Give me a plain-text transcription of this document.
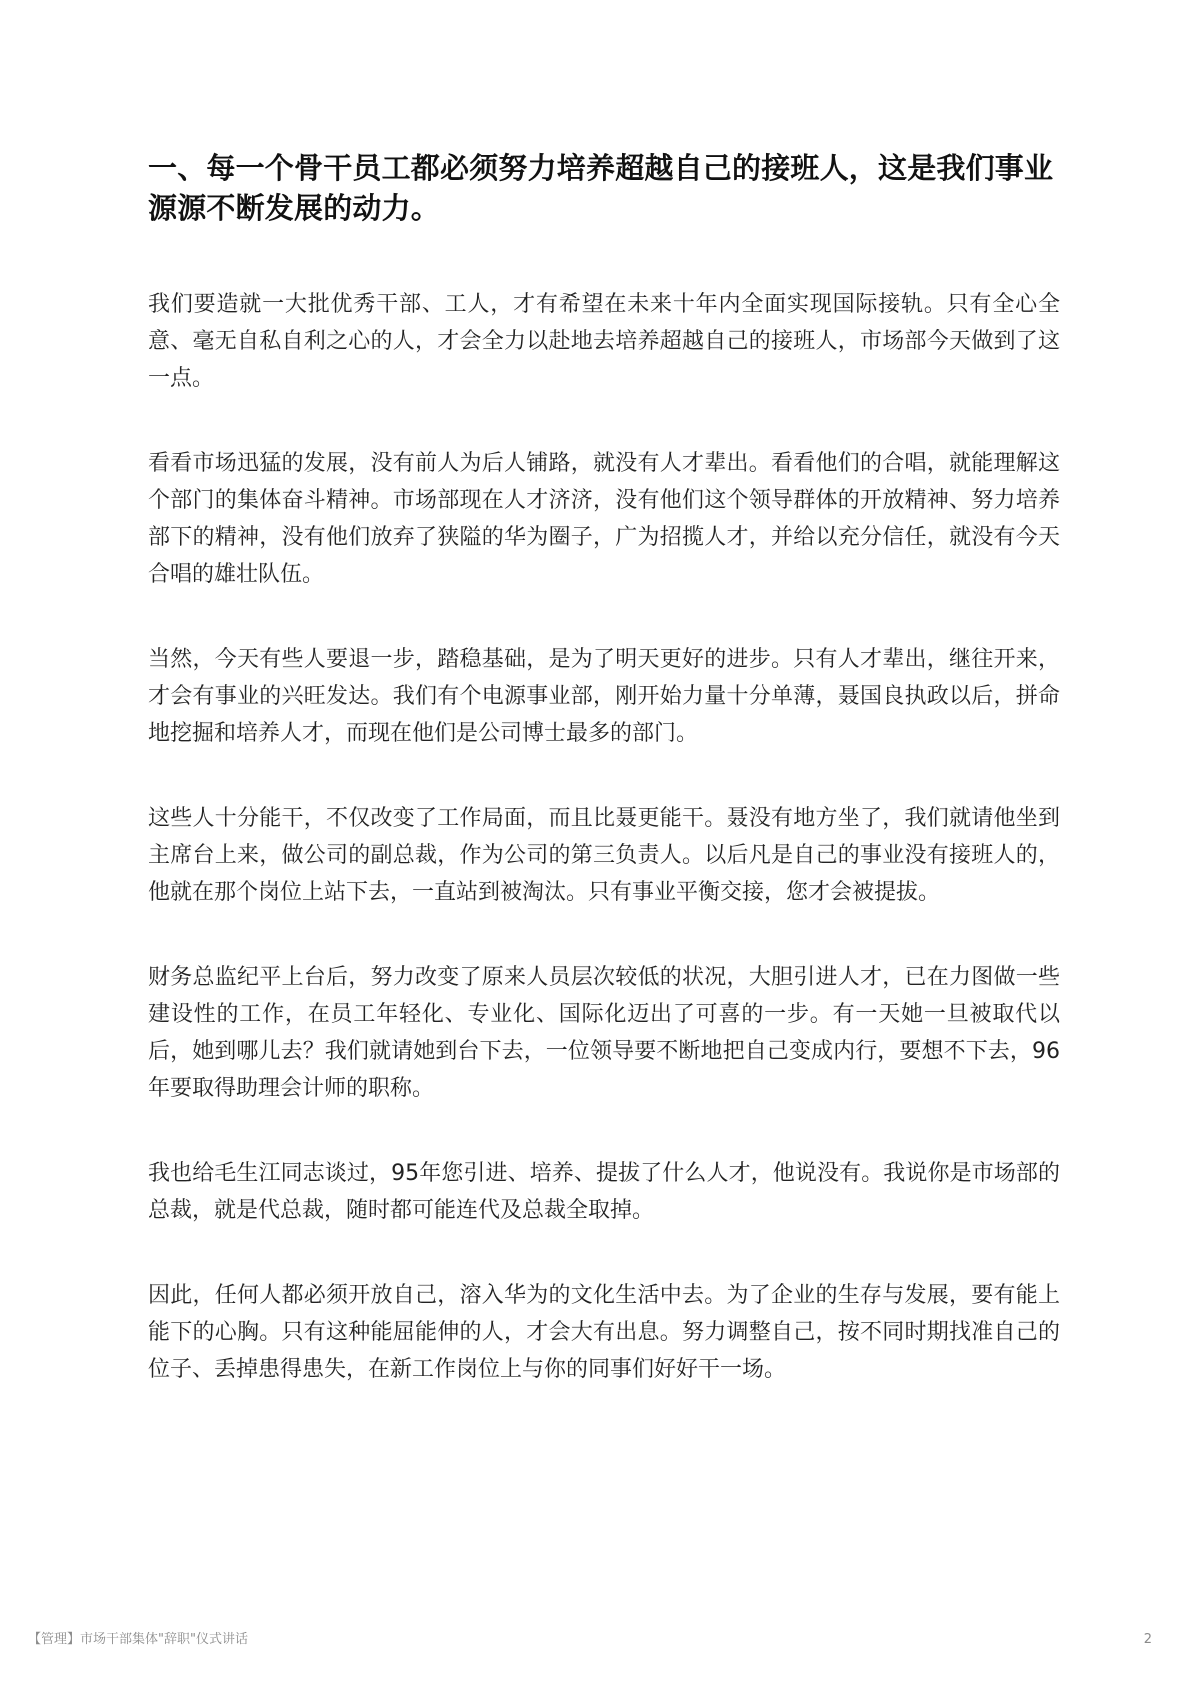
一、每一个骨干员工都必须努力培养超越自己的接班人，这是我们事业源源不断发展的动力。

我们要造就一大批优秀干部、工人，才有希望在未来十年内全面实现国际接轨。只有全心全意、毫无自私自利之心的人，才会全力以赴地去培养超越自己的接班人，市场部今天做到了这一点。

看看市场迅猛的发展，没有前人为后人铺路，就没有人才辈出。看看他们的合唱，就能理解这个部门的集体奋斗精神。市场部现在人才济济，没有他们这个领导群体的开放精神、努力培养部下的精神，没有他们放弃了狭隘的华为圈子，广为招揽人才，并给以充分信任，就没有今天合唱的雄壮队伍。

当然，今天有些人要退一步，踏稳基础，是为了明天更好的进步。只有人才辈出，继往开来，才会有事业的兴旺发达。我们有个电源事业部，刚开始力量十分单薄，聂国良执政以后，拼命地挖掘和培养人才，而现在他们是公司博士最多的部门。

这些人十分能干，不仅改变了工作局面，而且比聂更能干。聂没有地方坐了，我们就请他坐到主席台上来，做公司的副总裁，作为公司的第三负责人。以后凡是自己的事业没有接班人的，他就在那个岗位上站下去，一直站到被淘汰。只有事业平衡交接，您才会被提拔。

财务总监纪平上台后，努力改变了原来人员层次较低的状况，大胆引进人才，已在力图做一些建设性的工作，在员工年轻化、专业化、国际化迈出了可喜的一步。有一天她一旦被取代以后，她到哪儿去？我们就请她到台下去，一位领导要不断地把自己变成内行，要想不下去，96年要取得助理会计师的职称。

我也给毛生江同志谈过，95年您引进、培养、提拔了什么人才，他说没有。我说你是市场部的总裁，就是代总裁，随时都可能连代及总裁全取掉。

因此，任何人都必须开放自己，溶入华为的文化生活中去。为了企业的生存与发展，要有能上能下的心胸。只有这种能屈能伸的人，才会大有出息。努力调整自己，按不同时期找准自己的位子、丢掉患得患失，在新工作岗位上与你的同事们好好干一场。

【管理】市场干部集体"辞职"仪式讲话	2
